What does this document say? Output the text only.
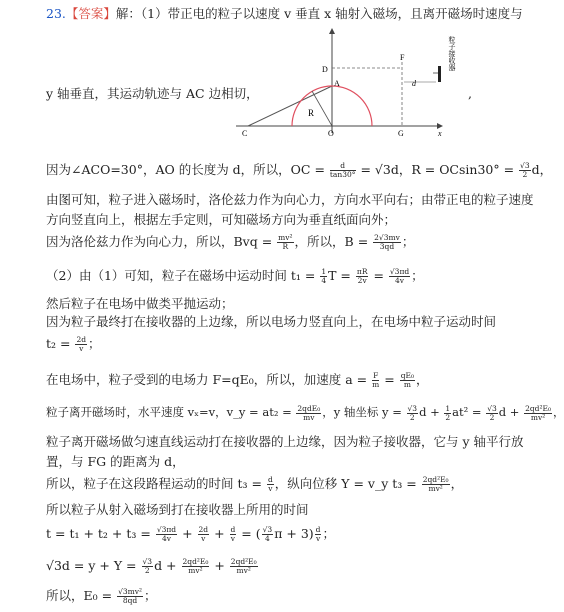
23.【答案】解：（1）带正电的粒子以速度 v 垂直 x 轴射入磁场，且离开磁场时速度与
y 轴垂直，其运动轨迹与 AC 边相切，	,
d
D
F
A
R
C	O	G	x
粒子接收器
因为∠ACO=30°，AO 的长度为 d，所以，OC = $\frac{d}{\tan 30^\circ} = √3d$，$R = OCsin30^\circ = \frac{√3}{2}$ d，
由图可知，粒子进入磁场时，洛伦兹力作为向心力，方向水平向右；由带正电的粒子速度
方向竖直向上，根据左手定则，可知磁场方向为垂直纸面向外；
因为洛伦兹力作为向心力，所以，Bvq = $\frac{\text{mv²}}{R}$ ，所以，$B = \frac{2√3mv}{3qd}$ ；
（2）由（1）可知，粒子在磁场中运动时间 $t_1 = \frac{1}{4}$ $T = \frac{\pi R}{2v} = \frac{√3\pi d}{4v}$ ；
然后粒子在电场中做类平抛运动；
因为粒子最终打在接收器的上边缘，所以电场力竖直向上，在电场中粒子运动时间
$t_2 = \frac{2d}{v}$ ；
在电场中，粒子受到的电场力 F=qE₀，所以，加速度 $a = \frac{F}{m} = \frac{\text{qE₀}}{m}$ ，
粒子离开磁场时，水平速度 vₓ=v，v_y = $at_2 = \frac{\text{2qdE₀}}{mv}$ ，y 轴坐标 $y = \frac{√3}{2}$ $d + \frac{1}{2} at^2 = \frac{√3}{2}$ $d + \frac{\text{2qd²E₀}}{\text{mv²}}$ ，
粒子离开磁场做匀速直线运动打在接收器的上边缘，因为粒子接收器，它与 y 轴平行放
置，与 FG 的距离为 d，
所以，粒子在这段路程运动的时间 $t_3 = \frac{d}{v}$ ，纵向位移 Y = v_y $t_3 = \frac{\text{2qd²E₀}}{\text{mv²}}$ ，
所以粒子从射入磁场到打在接收器上所用的时间
$t = t_1 + t_2 + t_3 = \frac{√3\pi d}{4v} + \frac{2d}{v} + \frac{d}{v}$ = ( $\frac{√3}{4}$ $\pi + 3) \frac{d}{v}$ ；
$√3d = y + Y = \frac{√3}{2}$ $d + \frac{\text{2qd²E₀}}{\text{mv²}} + \frac{\text{2qd²E₀}}{\text{mv²}}$
所以，$E_0 = \frac{\text{√3mv²}}{8qd}$ ；
